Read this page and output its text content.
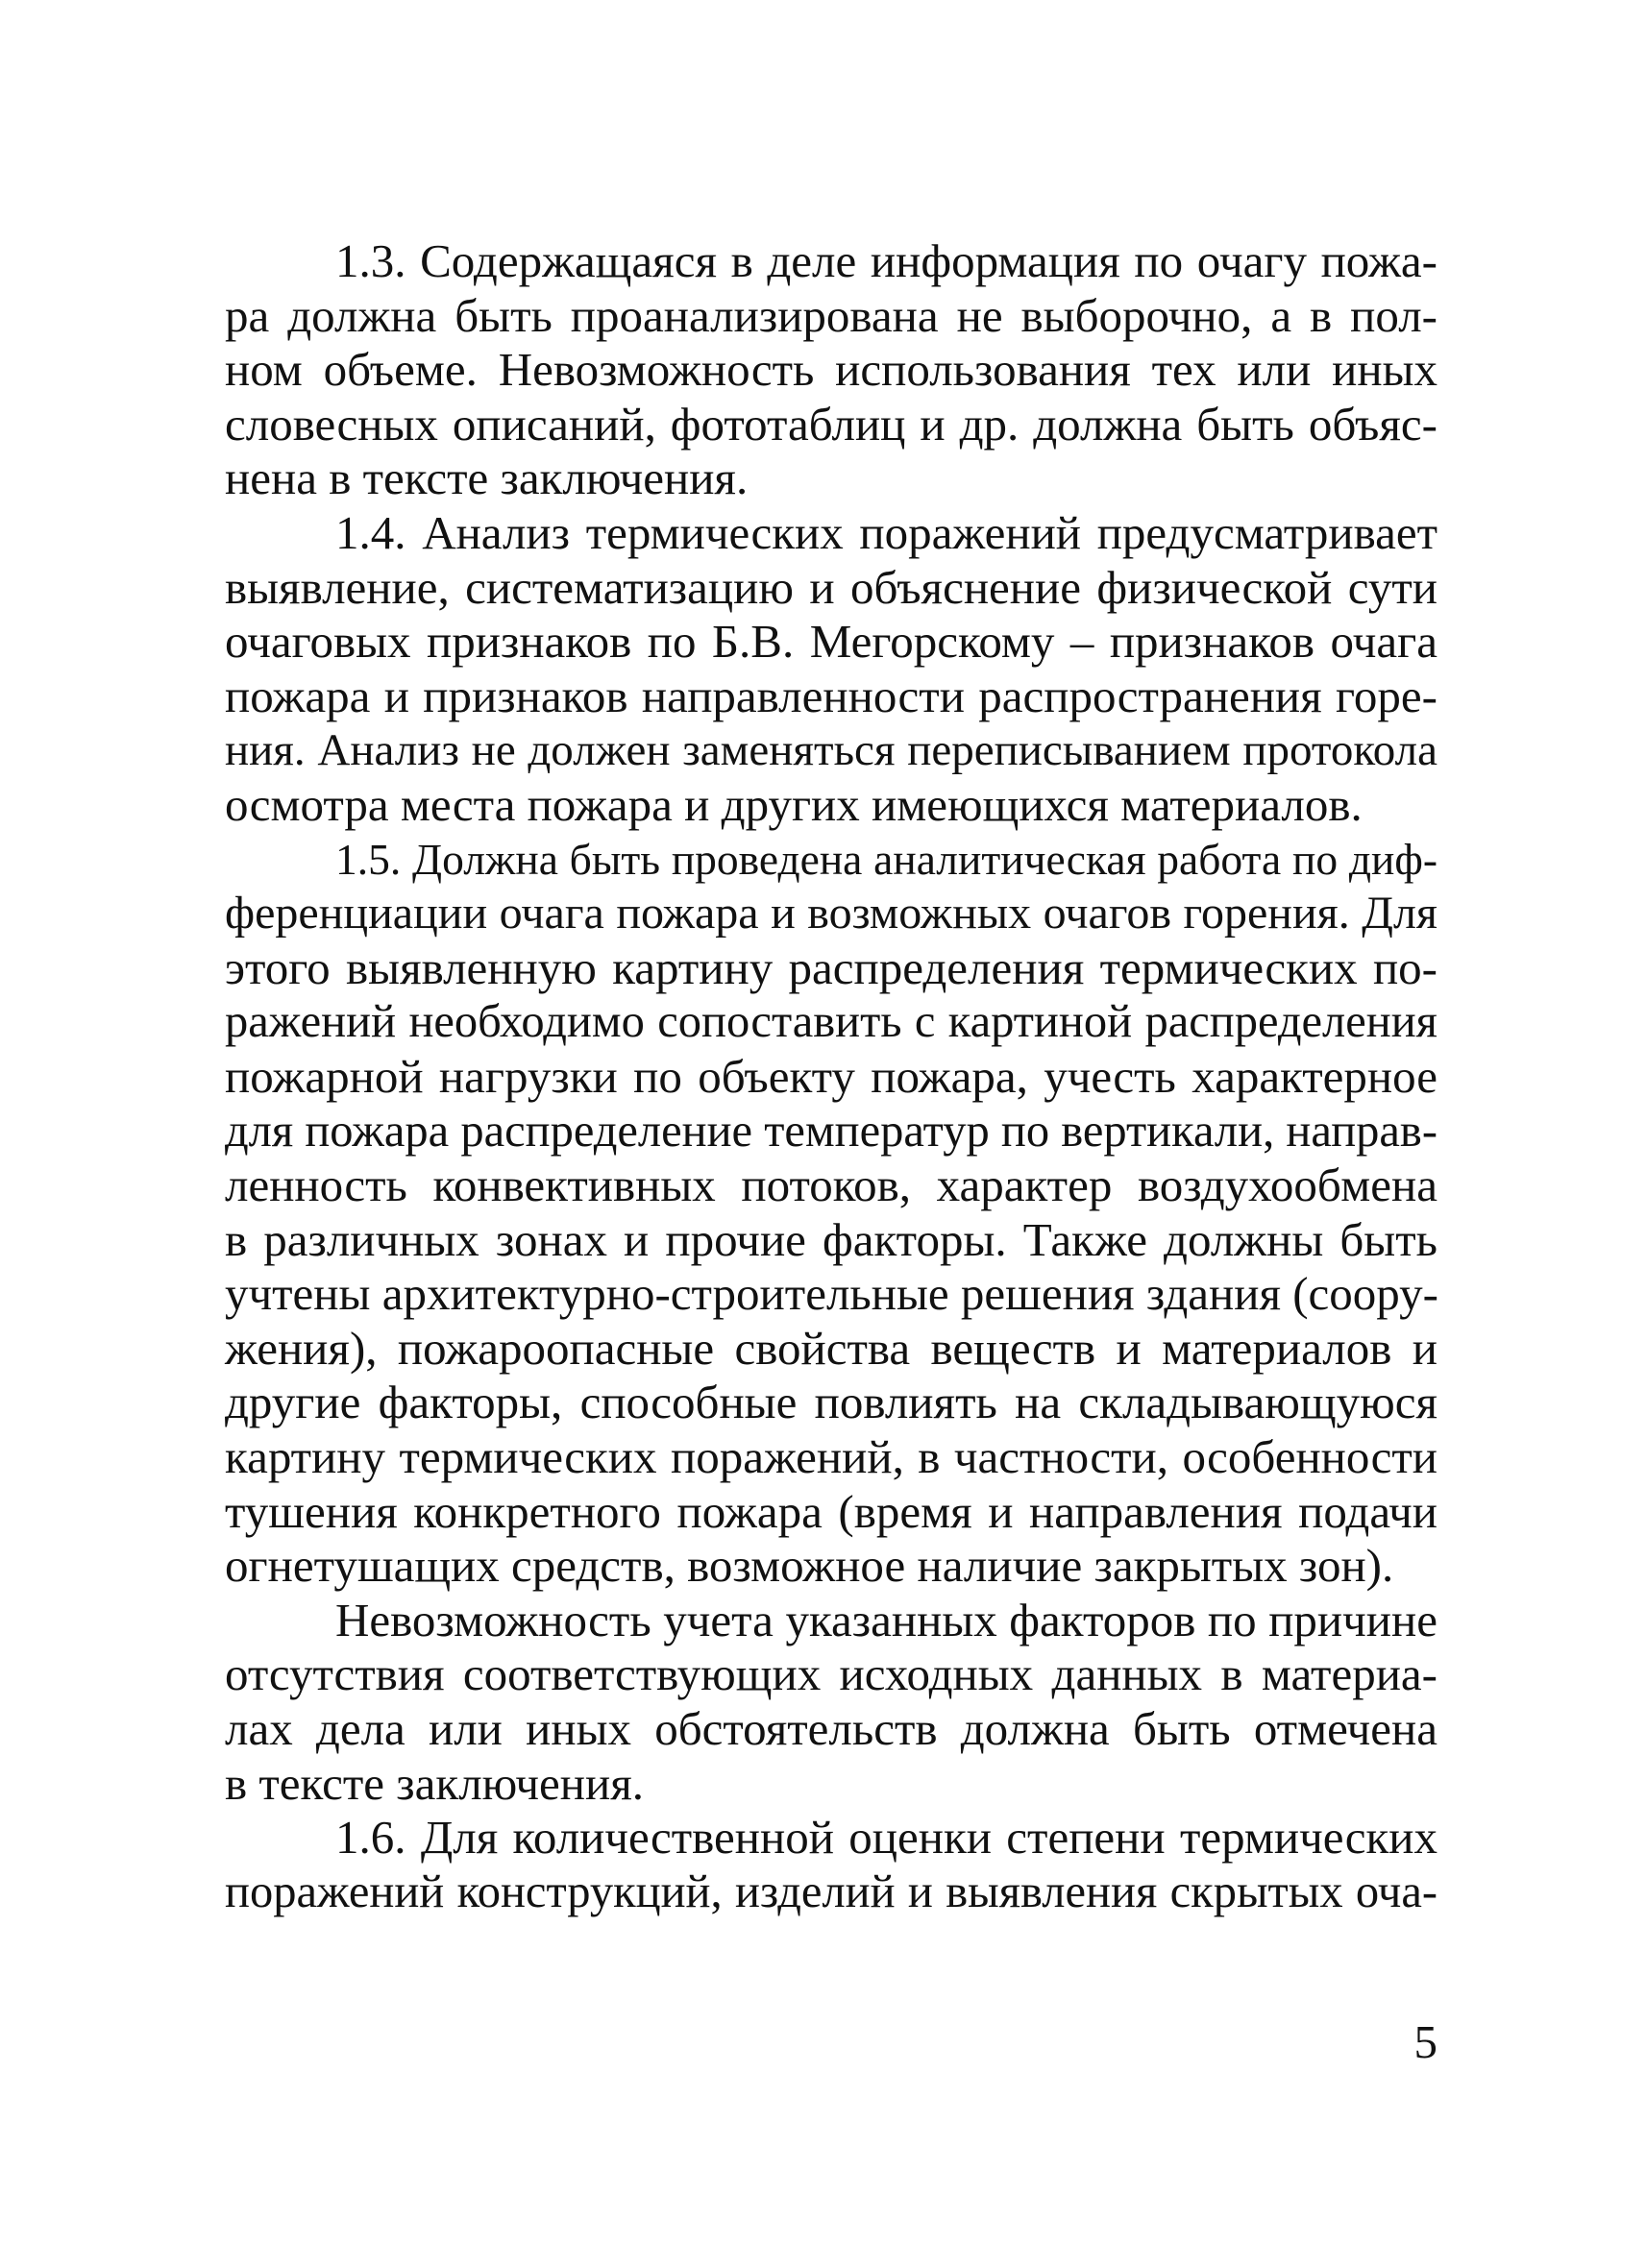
1.3. Содержащаяся в деле информация по очагу пожа-
ра должна быть проанализирована не выборочно, а в пол-
ном объеме. Невозможность использования тех или иных
словесных описаний, фототаблиц и др. должна быть объяс-
нена в тексте заключения.
1.4. Анализ термических поражений предусматривает
выявление, систематизацию и объяснение физической сути
очаговых признаков по Б.В. Мегорскому – признаков очага
пожара и признаков направленности распространения горе-
ния. Анализ не должен заменяться переписыванием протокола
осмотра места пожара и других имеющихся материалов.
1.5. Должна быть проведена аналитическая работа по диф-
ференциации очага пожара и возможных очагов горения. Для
этого выявленную картину распределения термических по-
ражений необходимо сопоставить с картиной распределения
пожарной нагрузки по объекту пожара, учесть характерное
для пожара распределение температур по вертикали, направ-
ленность конвективных потоков, характер воздухообмена
в различных зонах и прочие факторы. Также должны быть
учтены архитектурно-строительные решения здания (соору-
жения), пожароопасные свойства веществ и материалов и
другие факторы, способные повлиять на складывающуюся
картину термических поражений, в частности, особенности
тушения конкретного пожара (время и направления подачи
огнетушащих средств, возможное наличие закрытых зон).
Невозможность учета указанных факторов по причине
отсутствия соответствующих исходных данных в материа-
лах дела или иных обстоятельств должна быть отмечена
в тексте заключения.
1.6. Для количественной оценки степени термических
поражений конструкций, изделий и выявления скрытых оча-
5
